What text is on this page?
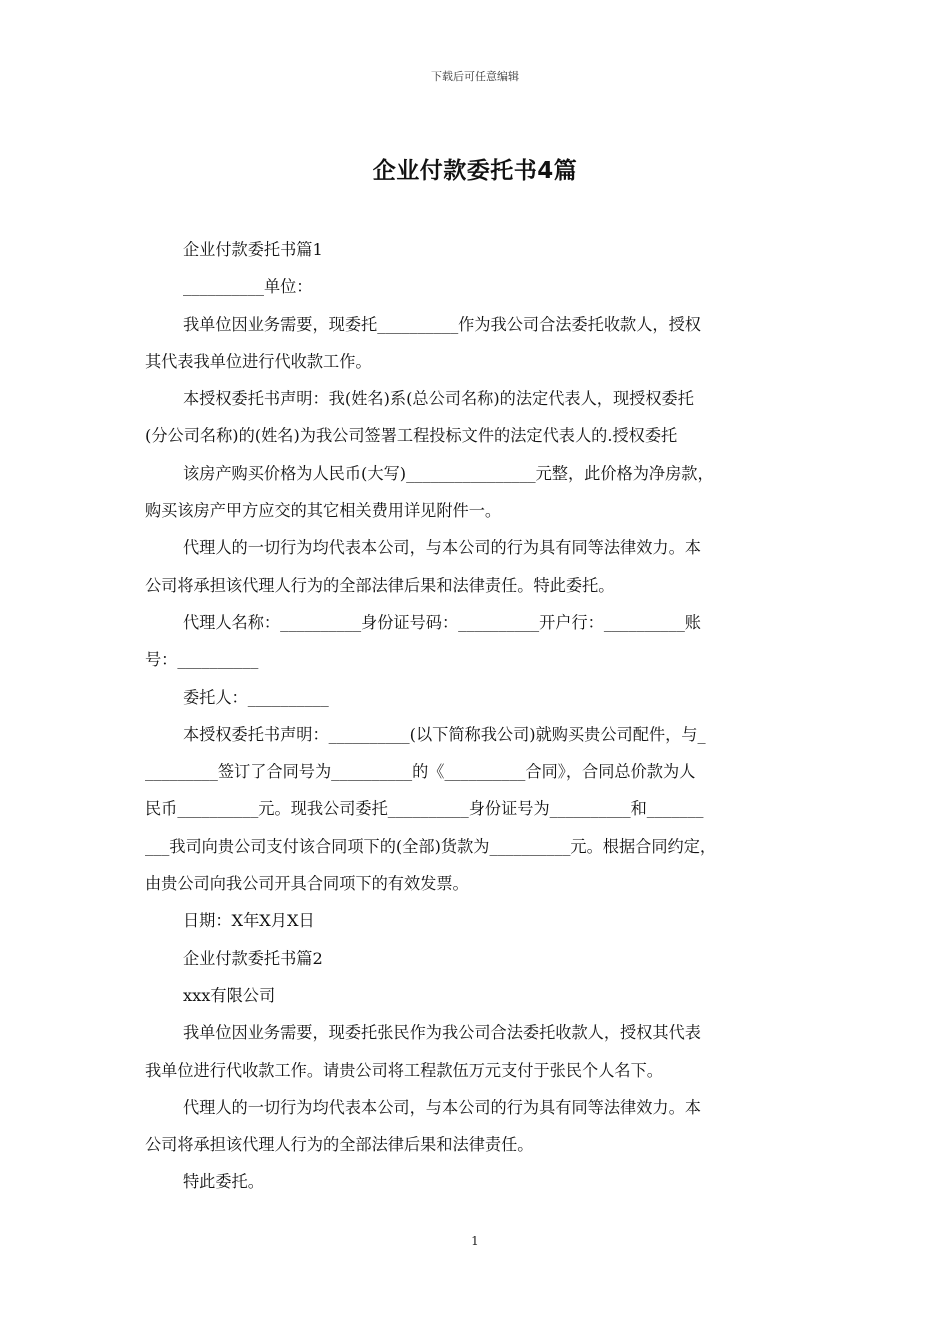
下载后可任意编辑
企业付款委托书4篇

企业付款委托书篇1

__________单位：

我单位因业务需要，现委托__________作为我公司合法委托收款人，授权

其代表我单位进行代收款工作。

本授权委托书声明：我(姓名)系(总公司名称)的法定代表人，现授权委托

(分公司名称)的(姓名)为我公司签署工程投标文件的法定代表人的.授权委托

该房产购买价格为人民币(大写)________________元整，此价格为净房款，

购买该房产甲方应交的其它相关费用详见附件一。

代理人的一切行为均代表本公司，与本公司的行为具有同等法律效力。本

公司将承担该代理人行为的全部法律后果和法律责任。特此委托。

代理人名称：__________身份证号码：__________开户行：__________账

号：__________

委托人：__________

本授权委托书声明：__________(以下简称我公司)就购买贵公司配件，与_

_________签订了合同号为__________的《__________合同》，合同总价款为人

民币__________元。现我公司委托__________身份证号为__________和_______

___我司向贵公司支付该合同项下的(全部)货款为__________元。根据合同约定，

由贵公司向我公司开具合同项下的有效发票。

日期：X年X月X日

企业付款委托书篇2

xxx有限公司

我单位因业务需要，现委托张民作为我公司合法委托收款人，授权其代表

我单位进行代收款工作。请贵公司将工程款伍万元支付于张民个人名下。

代理人的一切行为均代表本公司，与本公司的行为具有同等法律效力。本

公司将承担该代理人行为的全部法律后果和法律责任。

特此委托。

1
